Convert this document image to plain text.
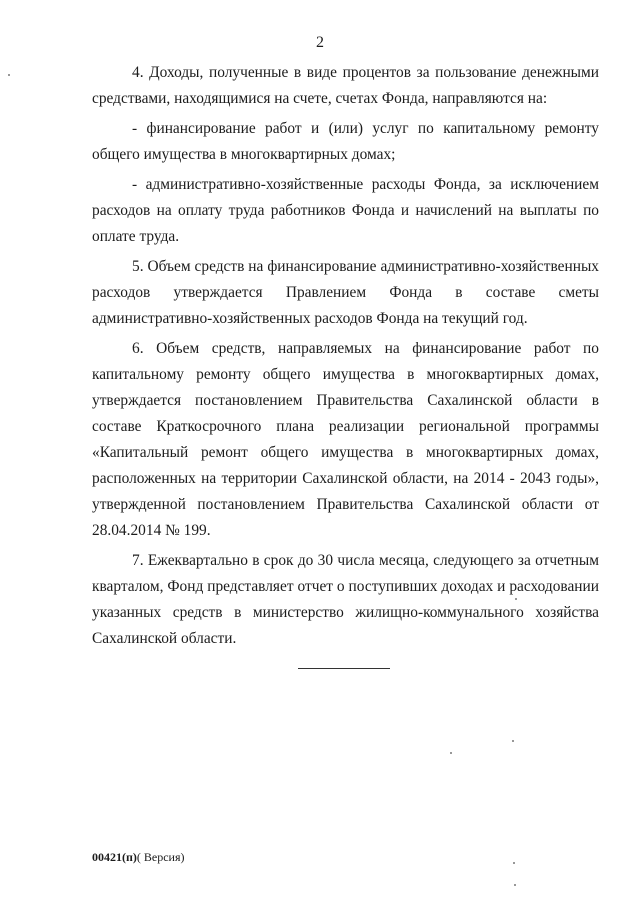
2

4. Доходы, полученные в виде процентов за пользование денежными средствами, находящимися на счете, счетах Фонда, направляются на:

- финансирование работ и (или) услуг по капитальному ремонту общего имущества в многоквартирных домах;

- административно-хозяйственные расходы Фонда, за исключением расходов на оплату труда работников Фонда и начислений на выплаты по оплате труда.

5. Объем средств на финансирование административно-хозяйственных расходов утверждается Правлением Фонда в составе сметы административно-хозяйственных расходов Фонда на текущий год.

6. Объем средств, направляемых на финансирование работ по капитальному ремонту общего имущества в многоквартирных домах, утверждается постановлением Правительства Сахалинской области в составе Краткосрочного плана реализации региональной программы «Капитальный ремонт общего имущества в многоквартирных домах, расположенных на территории Сахалинской области, на 2014 - 2043 годы», утвержденной постановлением Правительства Сахалинской области от 28.04.2014 № 199.

7. Ежеквартально в срок до 30 числа месяца, следующего за отчетным кварталом, Фонд представляет отчет о поступивших доходах и расходовании указанных средств в министерство жилищно-коммунального хозяйства Сахалинской области.

00421(п)( Версия)
